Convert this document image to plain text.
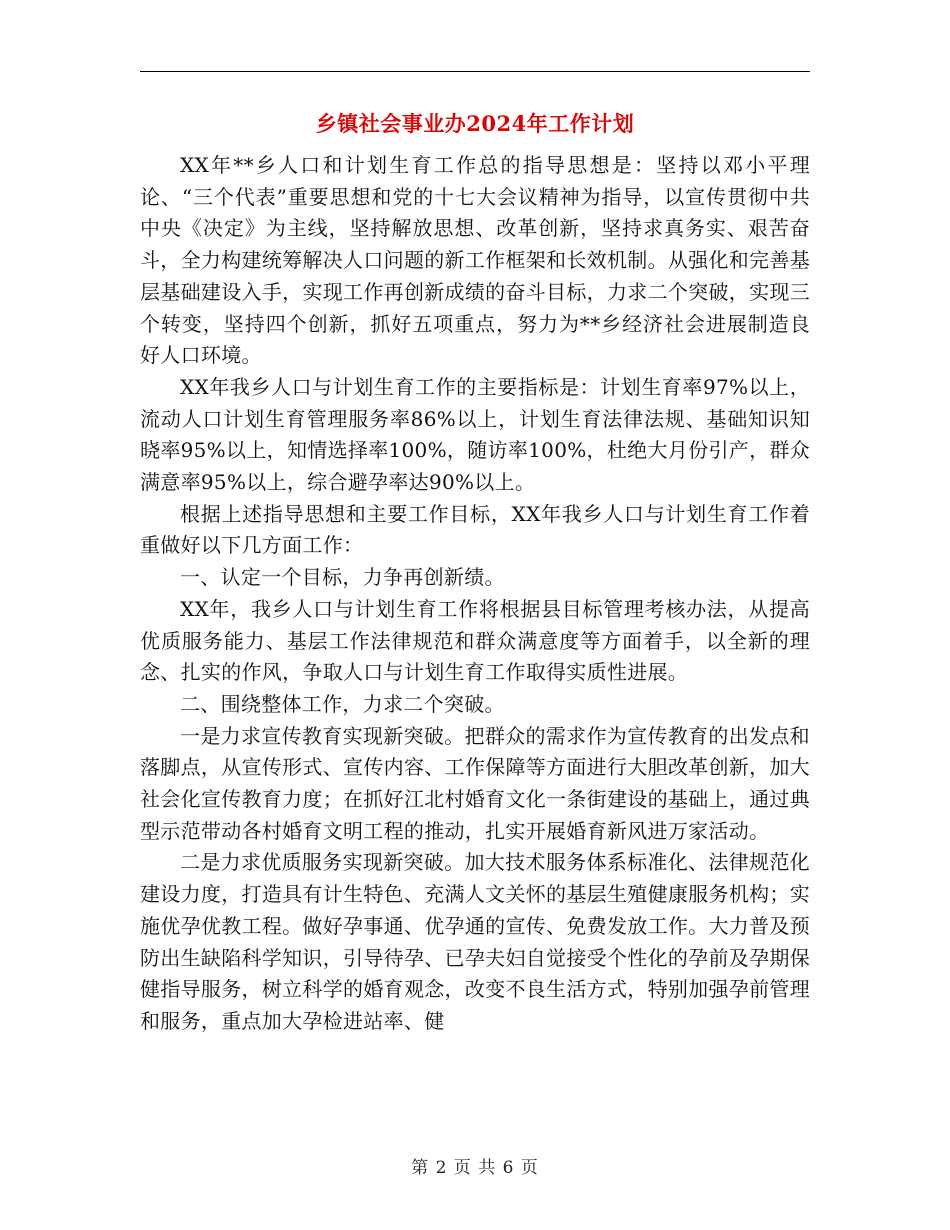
乡镇社会事业办2024年工作计划

XX年**乡人口和计划生育工作总的指导思想是：坚持以邓小平理论、“三个代表”重要思想和党的十七大会议精神为指导，以宣传贯彻中共中央《决定》为主线，坚持解放思想、改革创新，坚持求真务实、艰苦奋斗，全力构建统筹解决人口问题的新工作框架和长效机制。从强化和完善基层基础建设入手，实现工作再创新成绩的奋斗目标，力求二个突破，实现三个转变，坚持四个创新，抓好五项重点，努力为**乡经济社会进展制造良好人口环境。

XX年我乡人口与计划生育工作的主要指标是：计划生育率97%以上，流动人口计划生育管理服务率86%以上，计划生育法律法规、基础知识知晓率95%以上，知情选择率100%，随访率100%，杜绝大月份引产，群众满意率95%以上，综合避孕率达90%以上。

根据上述指导思想和主要工作目标，XX年我乡人口与计划生育工作着重做好以下几方面工作：

一、认定一个目标，力争再创新绩。

XX年，我乡人口与计划生育工作将根据县目标管理考核办法，从提高优质服务能力、基层工作法律规范和群众满意度等方面着手，以全新的理念、扎实的作风，争取人口与计划生育工作取得实质性进展。

二、围绕整体工作，力求二个突破。

一是力求宣传教育实现新突破。把群众的需求作为宣传教育的出发点和落脚点，从宣传形式、宣传内容、工作保障等方面进行大胆改革创新，加大社会化宣传教育力度；在抓好江北村婚育文化一条街建设的基础上，通过典型示范带动各村婚育文明工程的推动，扎实开展婚育新风进万家活动。

二是力求优质服务实现新突破。加大技术服务体系标准化、法律规范化建设力度，打造具有计生特色、充满人文关怀的基层生殖健康服务机构；实施优孕优教工程。做好孕事通、优孕通的宣传、免费发放工作。大力普及预防出生缺陷科学知识，引导待孕、已孕夫妇自觉接受个性化的孕前及孕期保健指导服务，树立科学的婚育观念，改变不良生活方式，特别加强孕前管理和服务，重点加大孕检进站率、健

第 2 页 共 6 页
